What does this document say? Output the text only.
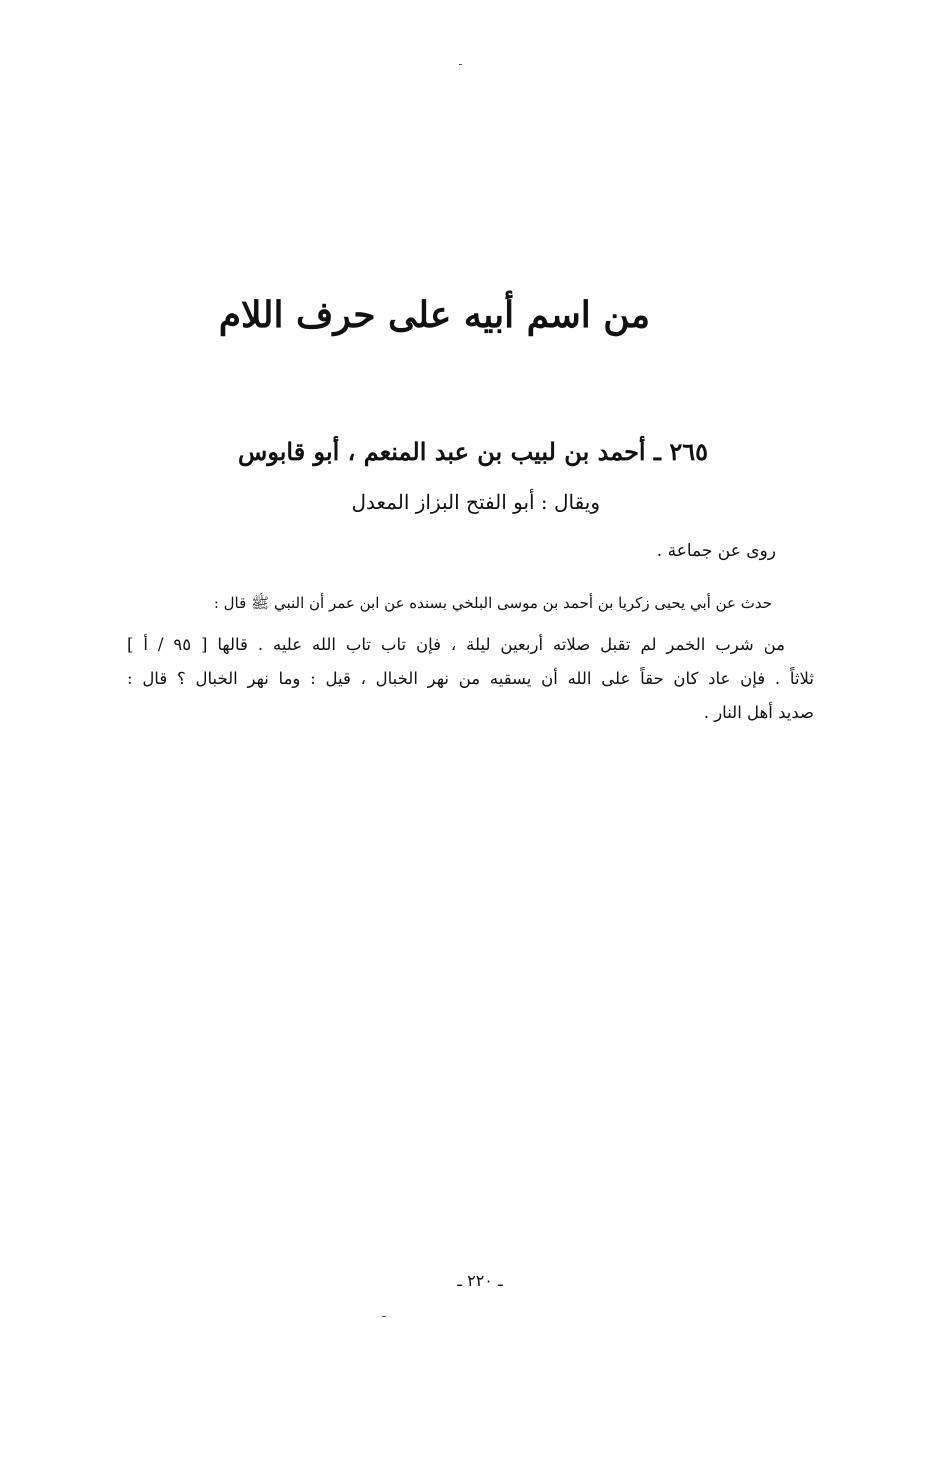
من اسم أبيه على حرف اللام
٢٦٥ ـ أحمد بن لبيب بن عبد المنعم ، أبو قابوس
ويقال : أبو الفتح البزاز المعدل
روى عن جماعة .
حدث عن أبي يحيى زكريا بن أحمد بن موسى البلخي بسنده عن ابن عمر أن النبي ﷺ قال :
من شرب الخمر لم تقبل صلاته أربعين ليلة ، فإن تاب تاب الله عليه . قالها [ ٩٥ / أ ]
ثلاثاً . فإن عاد كان حقاً على الله أن يسقيه من نهر الخبال ، قيل : وما نهر الخبال ؟ قال :
صديد أهل النار .
ـ ٢٢٠ ـ
